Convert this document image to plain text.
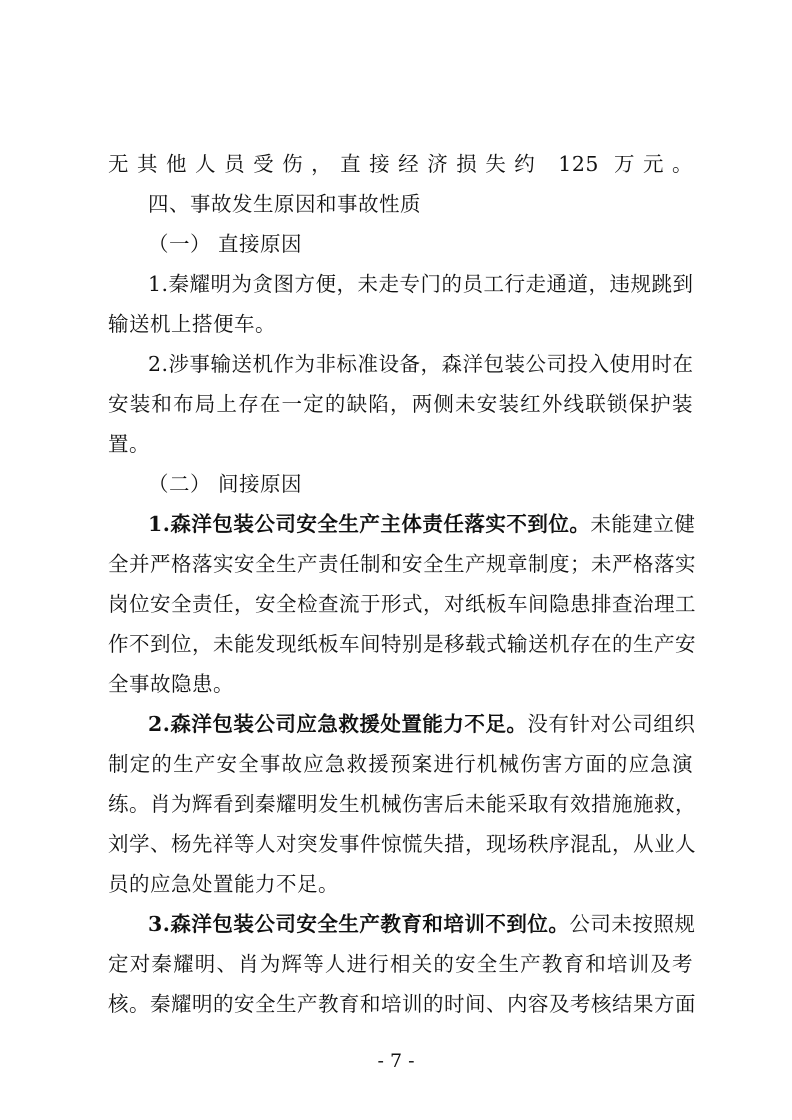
无其他人员受伤，直接经济损失约 125 万元。
四、事故发生原因和事故性质
（一） 直接原因
1.秦耀明为贪图方便，未走专门的员工行走通道，违规跳到
输送机上搭便车。
2.涉事输送机作为非标准设备，森洋包装公司投入使用时在
安装和布局上存在一定的缺陷，两侧未安装红外线联锁保护装
置。
（二） 间接原因
1.森洋包装公司安全生产主体责任落实不到位。未能建立健
全并严格落实安全生产责任制和安全生产规章制度；未严格落实
岗位安全责任，安全检查流于形式，对纸板车间隐患排查治理工
作不到位，未能发现纸板车间特别是移载式输送机存在的生产安
全事故隐患。
2.森洋包装公司应急救援处置能力不足。没有针对公司组织
制定的生产安全事故应急救援预案进行机械伤害方面的应急演
练。肖为辉看到秦耀明发生机械伤害后未能采取有效措施施救，
刘学、杨先祥等人对突发事件惊慌失措，现场秩序混乱，从业人
员的应急处置能力不足。
3.森洋包装公司安全生产教育和培训不到位。公司未按照规
定对秦耀明、肖为辉等人进行相关的安全生产教育和培训及考
核。秦耀明的安全生产教育和培训的时间、内容及考核结果方面
- 7 -
